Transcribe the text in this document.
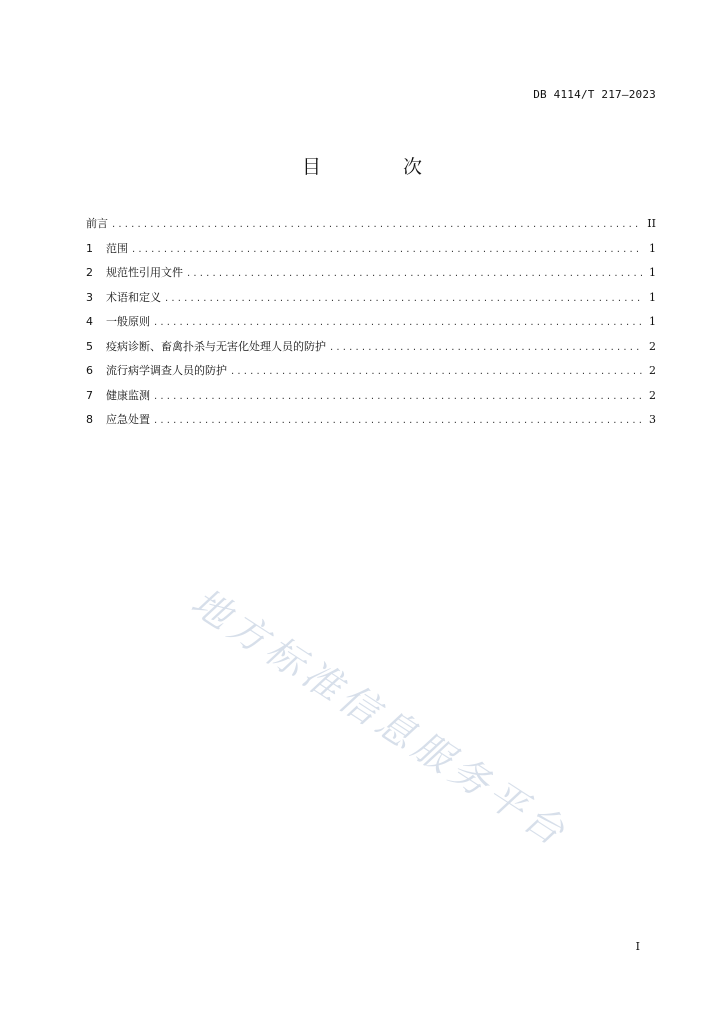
DB 4114/T 217—2023
目 次
前言 .....	II
1	范围 .....	1
2	规范性引用文件 .....	1
3	术语和定义 .....	1
4	一般原则 .....	1
5	疫病诊断、畜禽扑杀与无害化处理人员的防护 .....	2
6	流行病学调查人员的防护 .....	2
7	健康监测 .....	2
8	应急处置 .....	3
地方标准信息服务平台
I
